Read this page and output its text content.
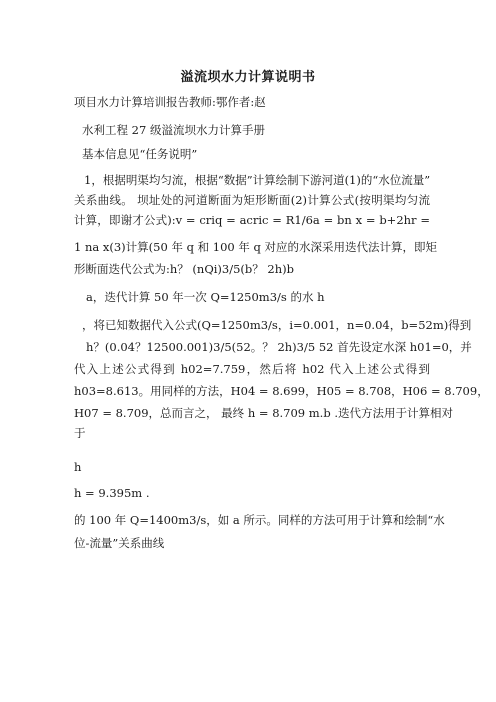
溢流坝水力计算说明书
项目水力计算培训报告教师:鄂作者:赵
水利工程 27 级溢流坝水力计算手册
基本信息见“任务说明”
1，根据明渠均匀流，根据“数据”计算绘制下游河道(1)的“水位流量”
关系曲线。 坝址处的河道断面为矩形断面(2)计算公式(按明渠均匀流
计算，即谢才公式):v = criq = acric = R1/6a = bn x = b+2hr =
1 na x(3)计算(50 年 q 和 100 年 q 对应的水深采用迭代法计算，即矩
形断面迭代公式为:h？ (nQi)3/5(b？ 2h)b
a，迭代计算 50 年一次 Q=1250m3/s 的水 h
，将已知数据代入公式(Q=1250m3/s，i=0.001，n=0.04，b=52m)得到
h？(0.04？12500.001)3/5(52。？ 2h)3/5 52 首先设定水深 h01=0，并
代入上述公式得到 h02=7.759，然后将 h02 代入上述公式得到
h03=8.613。用同样的方法，H04 = 8.699，H05 = 8.708，H06 = 8.709，
H07 = 8.709，总而言之， 最终 h = 8.709 m.b .迭代方法用于计算相对
于
h
h = 9.395m .
的 100 年 Q=1400m3/s，如 a 所示。同样的方法可用于计算和绘制“水
位-流量”关系曲线
